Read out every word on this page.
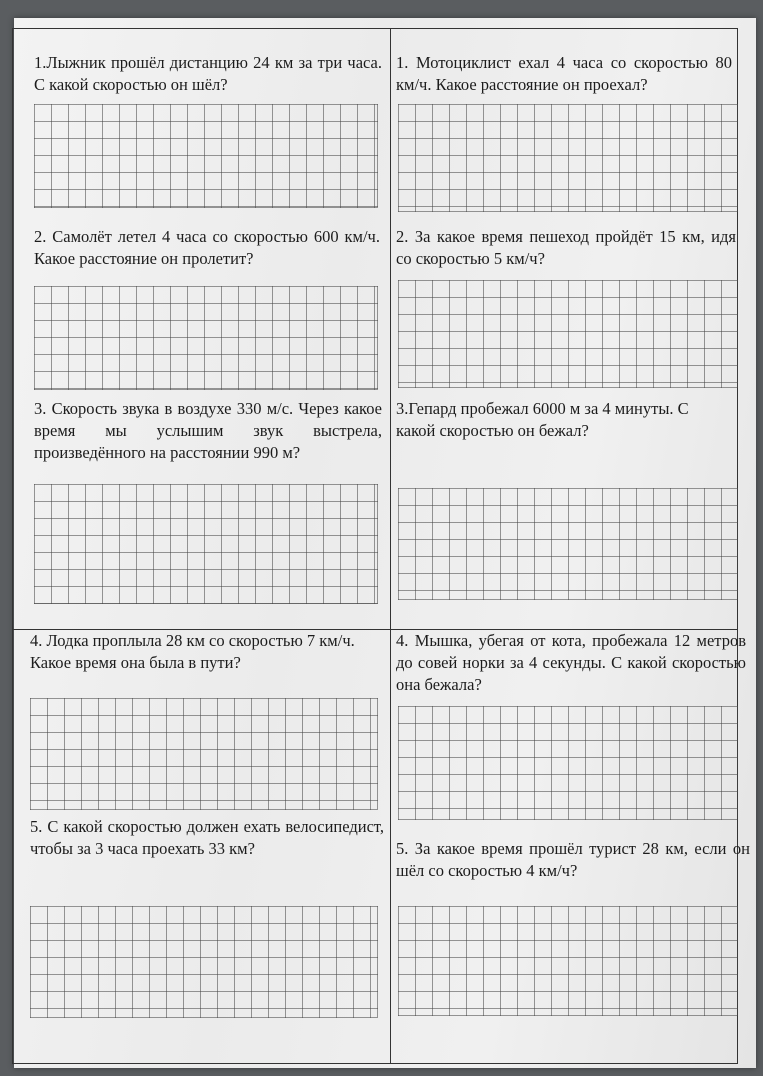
1.Лыжник прошёл дистанцию 24 км за три часа. С какой скоростью он шёл?

2. Самолёт летел 4 часа со скоростью 600 км/ч. Какое расстояние он пролетит?

3. Скорость звука в воздухе 330 м/с. Через какое время мы услышим звук выстрела, произведённого на расстоянии 990 м?

4. Лодка проплыла 28 км со скоростью 7 км/ч. Какое время она была в пути?

5. С какой скоростью должен ехать велосипедист, чтобы за 3 часа проехать 33 км?

1. Мотоциклист ехал 4 часа со скоростью 80 км/ч. Какое расстояние он проехал?

2. За какое время пешеход пройдёт 15 км, идя со скоростью 5 км/ч?

3.Гепард пробежал 6000 м за 4 минуты. С какой скоростью он бежал?

4. Мышка, убегая от кота, пробежала 12 метров до совей норки за 4 секунды. С какой скоростью она бежала?

5. За какое время прошёл турист 28 км, если он шёл со скоростью 4 км/ч?
